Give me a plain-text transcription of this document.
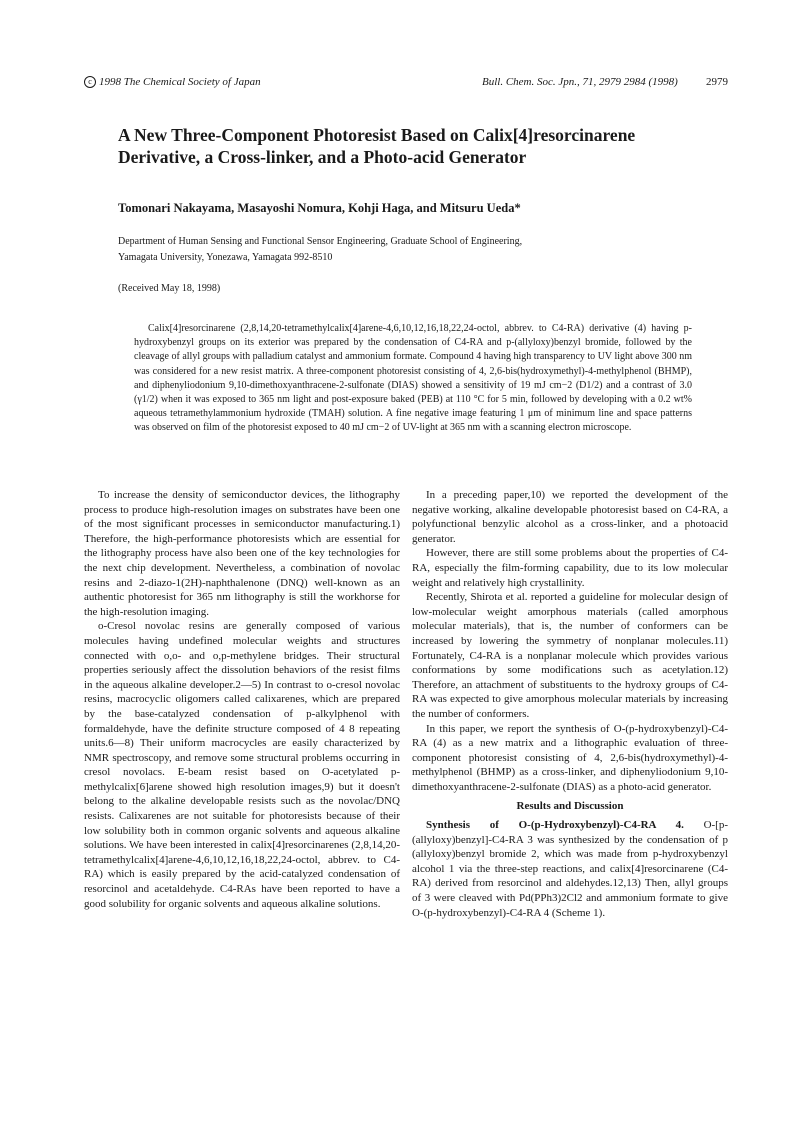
c 1998 The Chemical Society of Japan	Bull. Chem. Soc. Jpn., 71, 2979 2984 (1998)	2979
A New Three-Component Photoresist Based on Calix[4]resorcinarene
Derivative, a Cross-linker, and a Photo-acid Generator
Tomonari Nakayama, Masayoshi Nomura, Kohji Haga, and Mitsuru Ueda*
Department of Human Sensing and Functional Sensor Engineering, Graduate School of Engineering,
Yamagata University, Yonezawa, Yamagata 992-8510
(Received May 18, 1998)
Calix[4]resorcinarene (2,8,14,20-tetramethylcalix[4]arene-4,6,10,12,16,18,22,24-octol, abbrev. to C4-RA) derivative (4) having p-hydroxybenzyl groups on its exterior was prepared by the condensation of C4-RA and p-(allyloxy)benzyl bromide, followed by the cleavage of allyl groups with palladium catalyst and ammonium formate. Compound 4 having high transparency to UV light above 300 nm was considered for a new resist matrix. A three-component photoresist consisting of 4, 2,6-bis(hydroxymethyl)-4-methylphenol (BHMP), and diphenyliodonium 9,10-dimethoxyanthracene-2-sulfonate (DIAS) showed a sensitivity of 19 mJ cm−2 (D1/2) and a contrast of 3.0 (γ1/2) when it was exposed to 365 nm light and post-exposure baked (PEB) at 110 °C for 5 min, followed by developing with a 0.2 wt% aqueous tetramethylammonium hydroxide (TMAH) solution. A fine negative image featuring 1 μm of minimum line and space patterns was observed on film of the photoresist exposed to 40 mJ cm−2 of UV-light at 365 nm with a scanning electron microscope.

To increase the density of semiconductor devices, the lithography process to produce high-resolution images on substrates have been one of the most significant processes in semiconductor manufacturing.1) Therefore, the high-performance photoresists which are essential for the lithography process have also been one of the key technologies for the next chip development. Nevertheless, a combination of novolac resins and 2-diazo-1(2H)-naphthalenone (DNQ) well-known as an authentic photoresist for 365 nm lithography is still the workhorse for the high-resolution imaging.

o-Cresol novolac resins are generally composed of various molecules having undefined molecular weights and structures connected with o,o- and o,p-methylene bridges. Their structural properties seriously affect the dissolution behaviors of the resist films in the aqueous alkaline developer.2—5) In contrast to o-cresol novolac resins, macrocyclic oligomers called calixarenes, which are prepared by the base-catalyzed condensation of p-alkylphenol with formaldehyde, have the definite structure composed of 4 8 repeating units.6—8) Their uniform macrocycles are easily characterized by NMR spectroscopy, and remove some structural problems occurring in cresol novolacs. E-beam resist based on O-acetylated p-methylcalix[6]arene showed high resolution images,9) but it doesn't belong to the alkaline developable resists such as the novolac/DNQ resists. Calixarenes are not suitable for photoresists because of their low solubility both in common organic solvents and aqueous alkaline solutions. We have been interested in calix[4]resorcinarenes (2,8,14,20-tetramethylcalix[4]arene-4,6,10,12,16,18,22,24-octol, abbrev. to C4-RA) which is easily prepared by the acid-catalyzed condensation of resorcinol and acetaldehyde. C4-RAs have been reported to have a good solubility for organic solvents and aqueous alkaline solutions.

In a preceding paper,10) we reported the development of the negative working, alkaline developable photoresist based on C4-RA, a polyfunctional benzylic alcohol as a cross-linker, and a photoacid generator.

However, there are still some problems about the properties of C4-RA, especially the film-forming capability, due to its low molecular weight and relatively high crystallinity.

Recently, Shirota et al. reported a guideline for molecular design of low-molecular weight amorphous materials (called amorphous molecular materials), that is, the number of conformers can be increased by lowering the symmetry of nonplanar molecules.11) Fortunately, C4-RA is a nonplanar molecule which provides various conformations by some modifications such as acetylation.12) Therefore, an attachment of substituents to the hydroxy groups of C4-RA was expected to give amorphous molecular materials by increasing the number of conformers.

In this paper, we report the synthesis of O-(p-hydroxybenzyl)-C4-RA (4) as a new matrix and a lithographic evaluation of three-component photoresist consisting of 4, 2,6-bis(hydroxymethyl)-4-methylphenol (BHMP) as a cross-linker, and diphenyliodonium 9,10-dimethoxyanthracene-2-sulfonate (DIAS) as a photo-acid generator.

Results and Discussion

Synthesis of O-(p-Hydroxybenzyl)-C4-RA 4. O-[p-(allyloxy)benzyl]-C4-RA 3 was synthesized by the condensation of p (allyloxy)benzyl bromide 2, which was made from p-hydroxybenzyl alcohol 1 via the three-step reactions, and calix[4]resorcinarene (C4-RA) derived from resorcinol and aldehydes.12,13) Then, allyl groups of 3 were cleaved with Pd(PPh3)2Cl2 and ammonium formate to give O-(p-hydroxybenzyl)-C4-RA 4 (Scheme 1).
